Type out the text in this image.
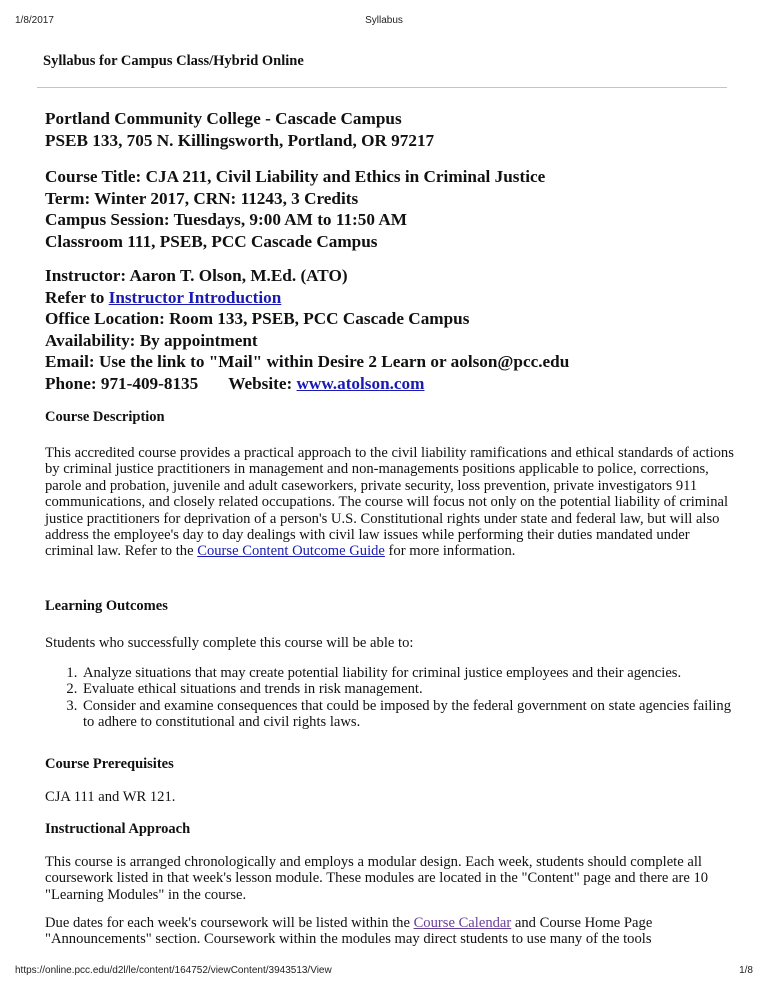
1/8/2017	Syllabus
Syllabus for Campus Class/Hybrid Online

Portland Community College - Cascade Campus

PSEB 133, 705 N. Killingsworth, Portland, OR 97217

Course Title: CJA 211, Civil Liability and Ethics in Criminal Justice

Term: Winter 2017, CRN: 11243, 3 Credits

Campus Session: Tuesdays, 9:00 AM to 11:50 AM

Classroom 111, PSEB, PCC Cascade Campus

Instructor: Aaron T. Olson, M.Ed. (ATO)

Refer to Instructor Introduction

Office Location: Room 133, PSEB, PCC Cascade Campus

Availability: By appointment

Email: Use the link to "Mail" within Desire 2 Learn or aolson@pcc.edu

Phone: 971-409-8135 Website: www.atolson.com

Course Description

This accredited course provides a practical approach to the civil liability ramifications and ethical standards of actions by criminal justice practitioners in management and non-managements positions applicable to police, corrections, parole and probation, juvenile and adult caseworkers, private security, loss prevention, private investigators 911 communications, and closely related occupations. The course will focus not only on the potential liability of criminal justice practitioners for deprivation of a person's U.S. Constitutional rights under state and federal law, but will also address the employee's day to day dealings with civil law issues while performing their duties mandated under criminal law. Refer to the Course Content Outcome Guide for more information.

Learning Outcomes

Students who successfully complete this course will be able to:

1. Analyze situations that may create potential liability for criminal justice employees and their agencies.
2. Evaluate ethical situations and trends in risk management.
3. Consider and examine consequences that could be imposed by the federal government on state agencies failing to adhere to constitutional and civil rights laws.
Course Prerequisites

CJA 111 and WR 121.

Instructional Approach

This course is arranged chronologically and employs a modular design. Each week, students should complete all coursework listed in that week's lesson module. These modules are located in the "Content" page and there are 10 "Learning Modules" in the course.

Due dates for each week's coursework will be listed within the Course Calendar and Course Home Page "Announcements" section. Coursework within the modules may direct students to use many of the tools

https://online.pcc.edu/d2l/le/content/164752/viewContent/3943513/View	1/8
